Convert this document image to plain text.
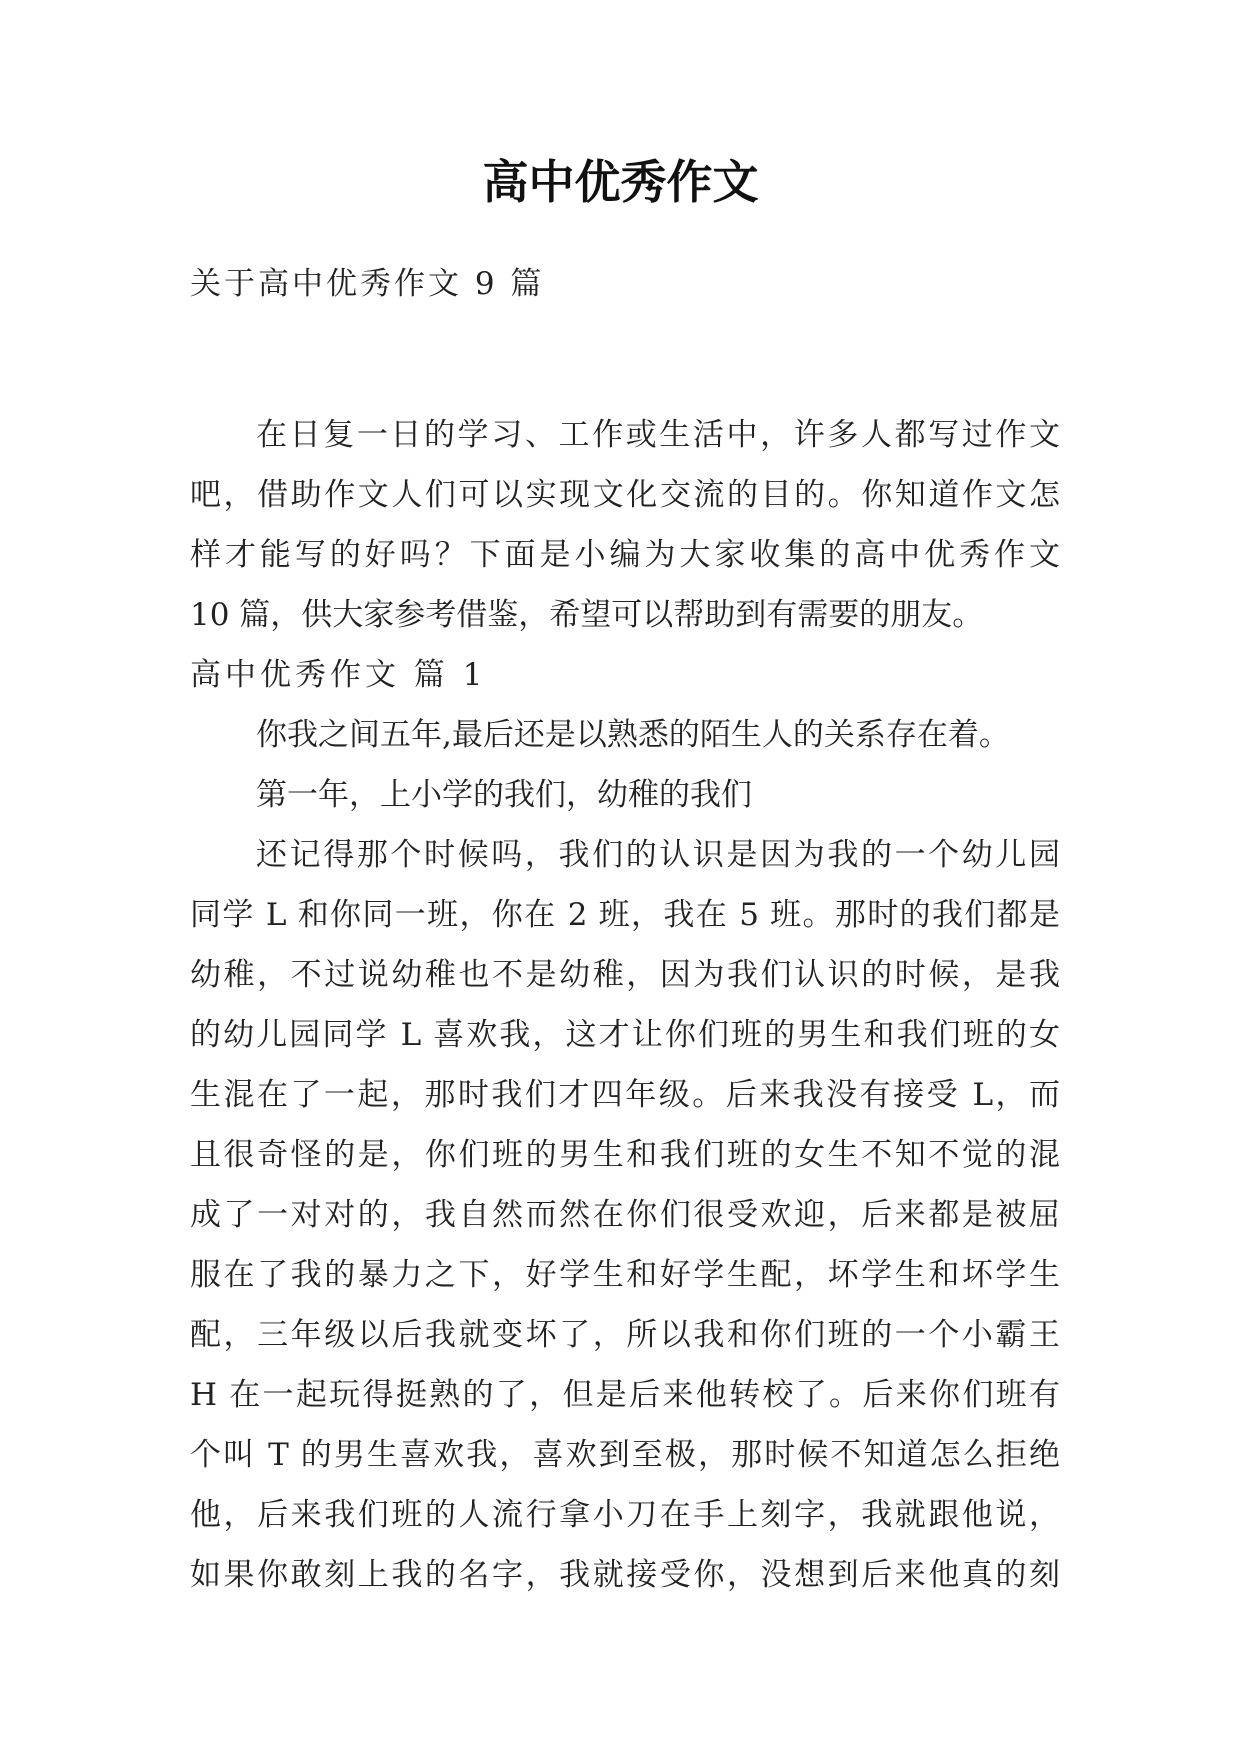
高中优秀作文
关于高中优秀作文 9 篇
在日复一日的学习、工作或生活中，许多人都写过作文
吧，借助作文人们可以实现文化交流的目的。你知道作文怎
样才能写的好吗？下面是小编为大家收集的高中优秀作文
10 篇，供大家参考借鉴，希望可以帮助到有需要的朋友。
高中优秀作文 篇 1
你我之间五年,最后还是以熟悉的陌生人的关系存在着。
第一年，上小学的我们，幼稚的我们
还记得那个时候吗，我们的认识是因为我的一个幼儿园
同学 L 和你同一班，你在 2 班，我在 5 班。那时的我们都是
幼稚，不过说幼稚也不是幼稚，因为我们认识的时候，是我
的幼儿园同学 L 喜欢我，这才让你们班的男生和我们班的女
生混在了一起，那时我们才四年级。后来我没有接受 L，而
且很奇怪的是，你们班的男生和我们班的女生不知不觉的混
成了一对对的，我自然而然在你们很受欢迎，后来都是被屈
服在了我的暴力之下，好学生和好学生配，坏学生和坏学生
配，三年级以后我就变坏了，所以我和你们班的一个小霸王
H 在一起玩得挺熟的了，但是后来他转校了。后来你们班有
个叫 T 的男生喜欢我，喜欢到至极，那时候不知道怎么拒绝
他，后来我们班的人流行拿小刀在手上刻字，我就跟他说，
如果你敢刻上我的名字，我就接受你，没想到后来他真的刻
